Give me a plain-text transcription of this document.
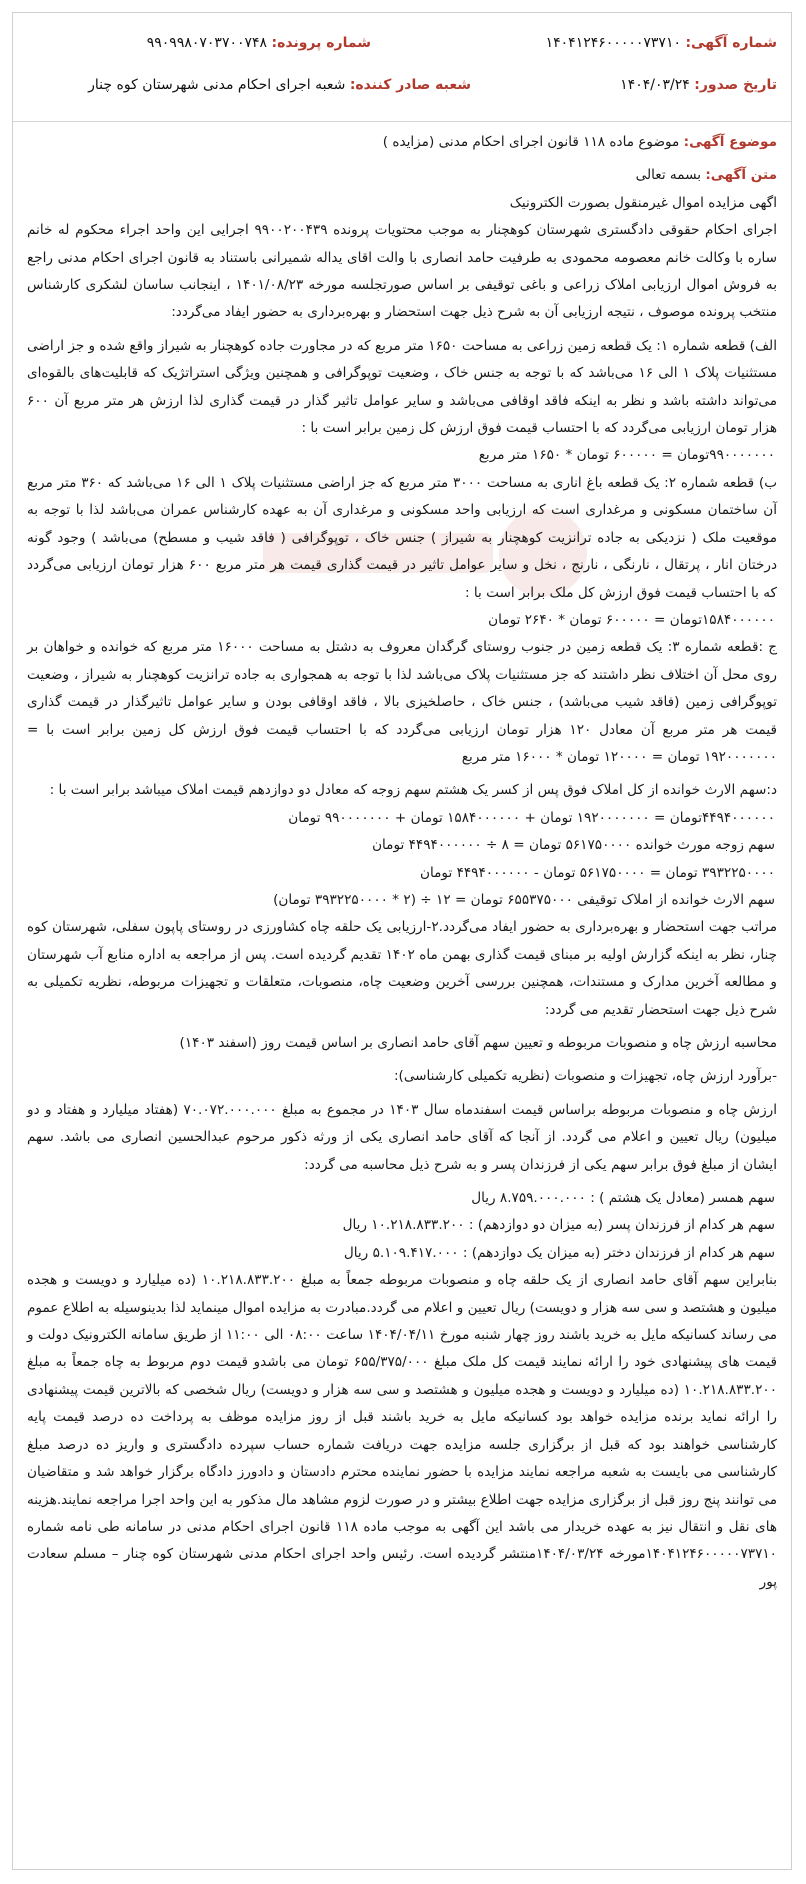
شماره آگهی: ۱۴۰۴۱۲۴۶۰۰۰۰۰۷۳۷۱۰
شماره پرونده: ۹۹۰۹۹۸۰۷۰۳۷۰۰۷۴۸
تاریخ صدور: ۱۴۰۴/۰۳/۲۴
شعبه صادر کننده: شعبه اجرای احکام مدنی شهرستان کوه چنار

موضوع آگهی: موضوع ماده ۱۱۸ قانون اجرای احکام مدنی (مزایده )

متن آگهی: بسمه تعالی

اگهی مزایده اموال غیرمنقول بصورت الکترونیک

اجرای احکام حقوقی دادگستری شهرستان کوهچنار به موجب محتویات پرونده ۹۹۰۰۲۰۰۴۳۹ اجرایی این واحد اجراء محکوم له خانم ساره با وکالت خانم معصومه محمودی به طرفیت حامد انصاری با والت اقای یداله شمیرانی باستناد به قانون اجرای احکام مدنی راجع به فروش اموال ارزیابی املاک زراعی و باغی توقیفی بر اساس صورتجلسه مورخه ۱۴۰۱/۰۸/۲۳ ، اینجانب ساسان لشکری کارشناس منتخب پرونده موصوف ، نتیجه ارزیابی آن به شرح ذیل جهت استحضار و بهره‌برداری به حضور ایفاد می‌گردد:

الف) قطعه شماره ۱: یک قطعه زمین زراعی به مساحت ۱۶۵۰ متر مربع که در مجاورت جاده کوهچنار به شیراز واقع شده و جز اراضی مستثنیات پلاک ۱ الی ۱۶ می‌باشد که با توجه به جنس خاک ، وضعیت توپوگرافی و همچنین ویژگی استراتژیک که قابلیت‌های بالقوه‌ای می‌تواند داشته باشد و نظر به اینکه فاقد اوقافی می‌باشد و سایر عوامل تاثیر گذار در قیمت گذاری لذا ارزش هر متر مربع آن ۶۰۰ هزار تومان ارزیابی می‌گردد که با احتساب قیمت فوق ارزش کل زمین برابر است با :

۹۹۰۰۰۰۰۰۰تومان = ۶۰۰۰۰۰ تومان * ۱۶۵۰ متر مربع

ب) قطعه شماره ۲: یک قطعه باغ اناری به مساحت ۳۰۰۰ متر مربع که جز اراضی مستثنیات پلاک ۱ الی ۱۶ می‌باشد که ۳۶۰ متر مربع آن ساختمان مسکونی و مرغداری است که ارزیابی واحد مسکونی و مرغداری آن به عهده کارشناس عمران می‌باشد لذا با توجه به موقعیت ملک ( نزدیکی به جاده ترانزیت کوهچنار به شیراز ) جنس خاک ، توپوگرافی ( فاقد شیب و مسطح) می‌باشد ) وجود گونه درختان انار ، پرتقال ، نارنگی ، نارنج ، نخل و سایر عوامل تاثیر در قیمت گذاری قیمت هر متر مربع ۶۰۰ هزار تومان ارزیابی می‌گردد که با احتساب قیمت فوق ارزش کل ملک برابر است با :

۱۵۸۴۰۰۰۰۰۰تومان = ۶۰۰۰۰۰ تومان * ۲۶۴۰ تومان

ج :قطعه شماره ۳: یک قطعه زمین در جنوب روستای گرگدان معروف به دشتل به مساحت ۱۶۰۰۰ متر مربع که خوانده و خواهان بر روی محل آن اختلاف نظر داشتند که جز مستثنیات پلاک می‌باشد لذا با توجه به همجواری به جاده ترانزیت کوهچنار به شیراز ، وضعیت توپوگرافی زمین (فاقد شیب می‌باشد) ، جنس خاک ، حاصلخیزی بالا ، فاقد اوقافی بودن و سایر عوامل تاثیرگذار در قیمت گذاری قیمت هر متر مربع آن معادل ۱۲۰ هزار تومان ارزیابی می‌گردد که با احتساب قیمت فوق ارزش کل زمین برابر است با = ۱۹۲۰۰۰۰۰۰۰ تومان = ۱۲۰۰۰۰ تومان * ۱۶۰۰۰ متر مربع

د:سهم الارث خوانده از کل املاک فوق پس از کسر یک هشتم سهم زوجه که معادل دو دوازدهم قیمت املاک میباشد برابر است با :

۴۴۹۴۰۰۰۰۰۰تومان = ۱۹۲۰۰۰۰۰۰۰ تومان + ۱۵۸۴۰۰۰۰۰۰ تومان + ۹۹۰۰۰۰۰۰۰ تومان

سهم زوجه مورث خوانده ۵۶۱۷۵۰۰۰۰ تومان = ۸ ÷ ۴۴۹۴۰۰۰۰۰۰ تومان

۳۹۳۲۲۵۰۰۰۰ تومان = ۵۶۱۷۵۰۰۰۰ تومان - ۴۴۹۴۰۰۰۰۰۰ تومان

سهم الارث خوانده از املاک توقیفی ۶۵۵۳۷۵۰۰۰ تومان = ۱۲ ÷ (۲ * ۳۹۳۲۲۵۰۰۰۰ تومان)

مراتب جهت استحضار و بهره‌برداری به حضور ایفاد می‌گردد.۲-ارزیابی یک حلقه چاه کشاورزی در روستای پاپون سفلی، شهرستان کوه چنار، نظر به اینکه گزارش اولیه بر مبنای قیمت گذاری بهمن ماه ۱۴۰۲ تقدیم گردیده است. پس از مراجعه به اداره منابع آب شهرستان و مطالعه آخرین مدارک و مستندات، همچنین بررسی آخرین وضعیت چاه، منصوبات، متعلقات و تجهیزات مربوطه، نظریه تکمیلی به شرح ذیل جهت استحضار تقدیم می گردد:

محاسبه ارزش چاه و منصوبات مربوطه و تعیین سهم آقای حامد انصاری بر اساس قیمت روز (اسفند ۱۴۰۳)

-برآورد ارزش چاه، تجهیزات و منصوبات (نظریه تکمیلی کارشناسی):

ارزش چاه و منصوبات مربوطه براساس قیمت اسفندماه سال ۱۴۰۳ در مجموع به مبلغ ۷۰.۰۷۲.۰۰۰.۰۰۰ (هفتاد میلیارد و هفتاد و دو میلیون) ریال تعیین و اعلام می گردد. از آنجا که آقای حامد انصاری یکی از ورثه ذکور مرحوم عبدالحسین انصاری می باشد. سهم ایشان از مبلغ فوق برابر سهم یکی از فرزندان پسر و به شرح ذیل محاسبه می گردد:

سهم همسر (معادل یک هشتم ) : ۸.۷۵۹.۰۰۰.۰۰۰ ریال

سهم هر کدام از فرزندان پسر (به میزان دو دوازدهم) : ۱۰.۲۱۸.۸۳۳.۲۰۰ ریال

سهم هر کدام از فرزندان دختر (به میزان یک دوازدهم) : ۵.۱۰۹.۴۱۷.۰۰۰ ریال

بنابراین سهم آقای حامد انصاری از یک حلقه چاه و منصوبات مربوطه جمعاً به مبلغ ۱۰.۲۱۸.۸۳۳.۲۰۰ (ده میلیارد و دویست و هجده میلیون و هشتصد و سی سه هزار و دویست) ریال تعیین و اعلام می گردد.مبادرت به مزایده اموال مینماید لذا بدینوسیله به اطلاع عموم می رساند کسانیکه مایل به خرید باشند روز چهار شنبه مورخ ۱۴۰۴/۰۴/۱۱ ساعت ۰۸:۰۰ الی ۱۱:۰۰ از طریق سامانه الکترونیک دولت و قیمت های پیشنهادی خود را ارائه نمایند قیمت کل ملک مبلغ ۶۵۵/۳۷۵/۰۰۰ تومان می باشدو قیمت دوم مربوط به چاه جمعاً به مبلغ ۱۰.۲۱۸.۸۳۳.۲۰۰ (ده میلیارد و دویست و هجده میلیون و هشتصد و سی سه هزار و دویست) ریال شخصی که بالاترین قیمت پیشنهادی را ارائه نماید برنده مزایده خواهد بود کسانیکه مایل به خرید باشند قبل از روز مزایده موظف به پرداخت ده درصد قیمت پایه کارشناسی خواهند بود که قبل از برگزاری جلسه مزایده جهت دریافت شماره حساب سپرده دادگستری و واریز ده درصد مبلغ کارشناسی می بایست به شعبه مراجعه نمایند مزایده با حضور نماینده محترم دادستان و دادورز دادگاه برگزار خواهد شد و متقاضیان می توانند پنج روز قبل از برگزاری مزایده جهت اطلاع بیشتر و در صورت لزوم مشاهد مال مذکور به این واحد اجرا مراجعه نمایند.هزینه های نقل و انتقال نیز به عهده خریدار می باشد این آگهی به موجب ماده ۱۱۸ قانون اجرای احکام مدنی در سامانه طی نامه شماره ۱۴۰۴۱۲۴۶۰۰۰۰۰۷۳۷۱۰مورخه ۱۴۰۴/۰۳/۲۴منتشر گردیده است. رئیس واحد اجرای احکام مدنی شهرستان کوه چنار – مسلم سعادت پور
